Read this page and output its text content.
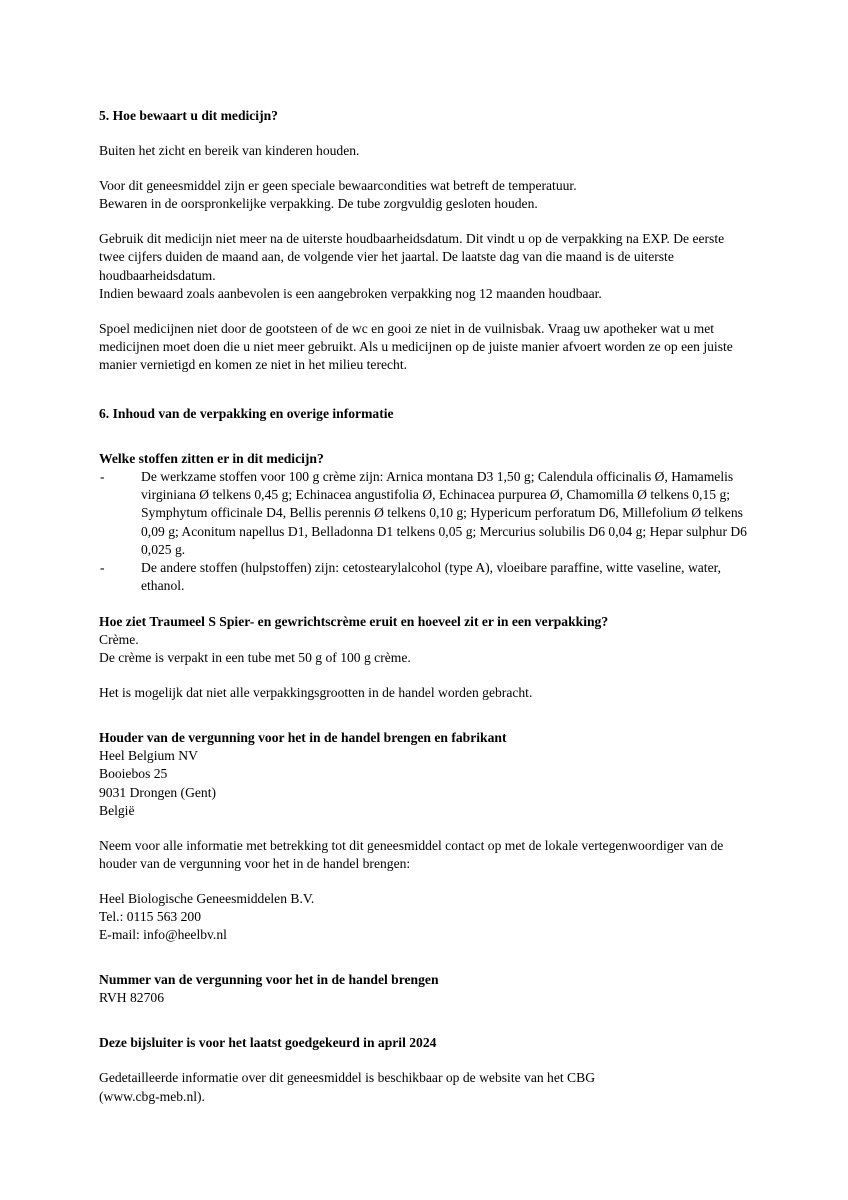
5. Hoe bewaart u dit medicijn?

Buiten het zicht en bereik van kinderen houden.

Voor dit geneesmiddel zijn er geen speciale bewaarcondities wat betreft de temperatuur.

Bewaren in de oorspronkelijke verpakking. De tube zorgvuldig gesloten houden.

Gebruik dit medicijn niet meer na de uiterste houdbaarheidsdatum. Dit vindt u op de verpakking na EXP. De eerste twee cijfers duiden de maand aan, de volgende vier het jaartal. De laatste dag van die maand is de uiterste houdbaarheidsdatum.

Indien bewaard zoals aanbevolen is een aangebroken verpakking nog 12 maanden houdbaar.

Spoel medicijnen niet door de gootsteen of de wc en gooi ze niet in de vuilnisbak. Vraag uw apotheker wat u met medicijnen moet doen die u niet meer gebruikt. Als u medicijnen op de juiste manier afvoert worden ze op een juiste manier vernietigd en komen ze niet in het milieu terecht.

6. Inhoud van de verpakking en overige informatie
Welke stoffen zitten er in dit medicijn?
-	De werkzame stoffen voor 100 g crème zijn: Arnica montana D3 1,50 g; Calendula officinalis Ø, Hamamelis virginiana Ø telkens 0,45 g; Echinacea angustifolia Ø, Echinacea purpurea Ø, Chamomilla Ø telkens 0,15 g; Symphytum officinale D4, Bellis perennis Ø telkens 0,10 g; Hypericum perforatum D6, Millefolium Ø telkens 0,09 g; Aconitum napellus D1, Belladonna D1 telkens 0,05 g; Mercurius solubilis D6 0,04 g; Hepar sulphur D6 0,025 g.
-	De andere stoffen (hulpstoffen) zijn: cetostearylalcohol (type A), vloeibare paraffine, witte vaseline, water, ethanol.
Hoe ziet Traumeel S Spier- en gewrichtscrème eruit en hoeveel zit er in een verpakking?

Crème.

De crème is verpakt in een tube met 50 g of 100 g crème.

Het is mogelijk dat niet alle verpakkingsgrootten in de handel worden gebracht.

Houder van de vergunning voor het in de handel brengen en fabrikant
Heel Belgium NV
Booiebos 25
9031 Drongen (Gent)
België

Neem voor alle informatie met betrekking tot dit geneesmiddel contact op met de lokale vertegenwoordiger van de houder van de vergunning voor het in de handel brengen:

Heel Biologische Geneesmiddelen B.V.
Tel.: 0115 563 200
E-mail: info@heelbv.nl
Nummer van de vergunning voor het in de handel brengen
RVH 82706
Deze bijsluiter is voor het laatst goedgekeurd in april 2024

Gedetailleerde informatie over dit geneesmiddel is beschikbaar op de website van het CBG

(www.cbg-meb.nl).
